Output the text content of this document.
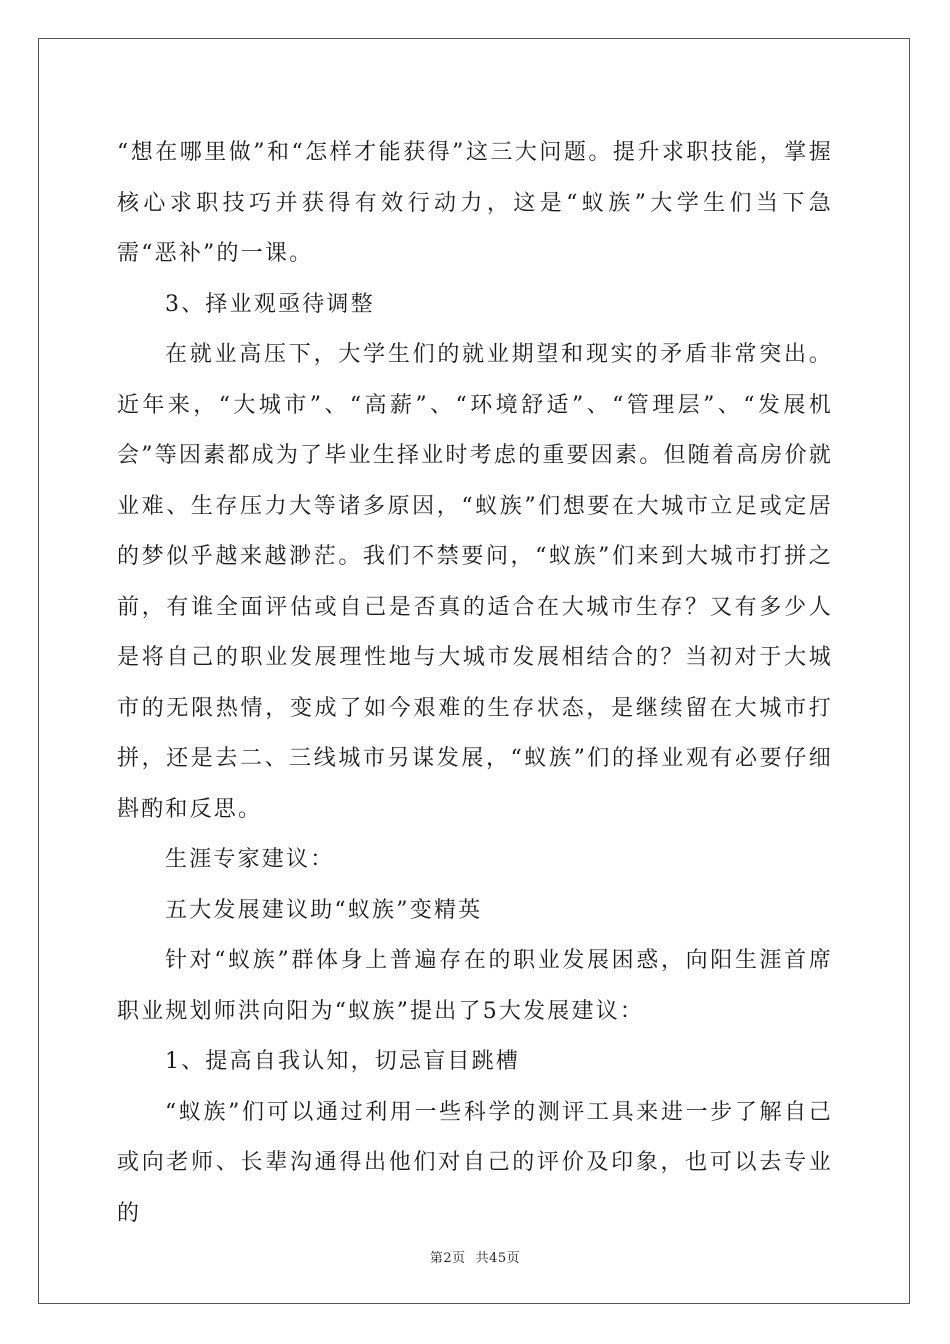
“想在哪里做”和“怎样才能获得”这三大问题。提升求职技能，掌握核心求职技巧并获得有效行动力，这是“蚁族”大学生们当下急需“恶补”的一课。

3、择业观亟待调整

在就业高压下，大学生们的就业期望和现实的矛盾非常突出。近年来，“大城市”、“高薪”、“环境舒适”、“管理层”、“发展机会”等因素都成为了毕业生择业时考虑的重要因素。但随着高房价就业难、生存压力大等诸多原因，“蚁族”们想要在大城市立足或定居的梦似乎越来越渺茫。我们不禁要问，“蚁族”们来到大城市打拼之前，有谁全面评估或自己是否真的适合在大城市生存？又有多少人是将自己的职业发展理性地与大城市发展相结合的？当初对于大城市的无限热情，变成了如今艰难的生存状态，是继续留在大城市打拼，还是去二、三线城市另谋发展，“蚁族”们的择业观有必要仔细斟酌和反思。

生涯专家建议：

五大发展建议助“蚁族”变精英

针对“蚁族”群体身上普遍存在的职业发展困惑，向阳生涯首席职业规划师洪向阳为“蚁族”提出了5大发展建议：

1、提高自我认知，切忌盲目跳槽

“蚁族”们可以通过利用一些科学的测评工具来进一步了解自己或向老师、长辈沟通得出他们对自己的评价及印象，也可以去专业的

第2页 共45页
